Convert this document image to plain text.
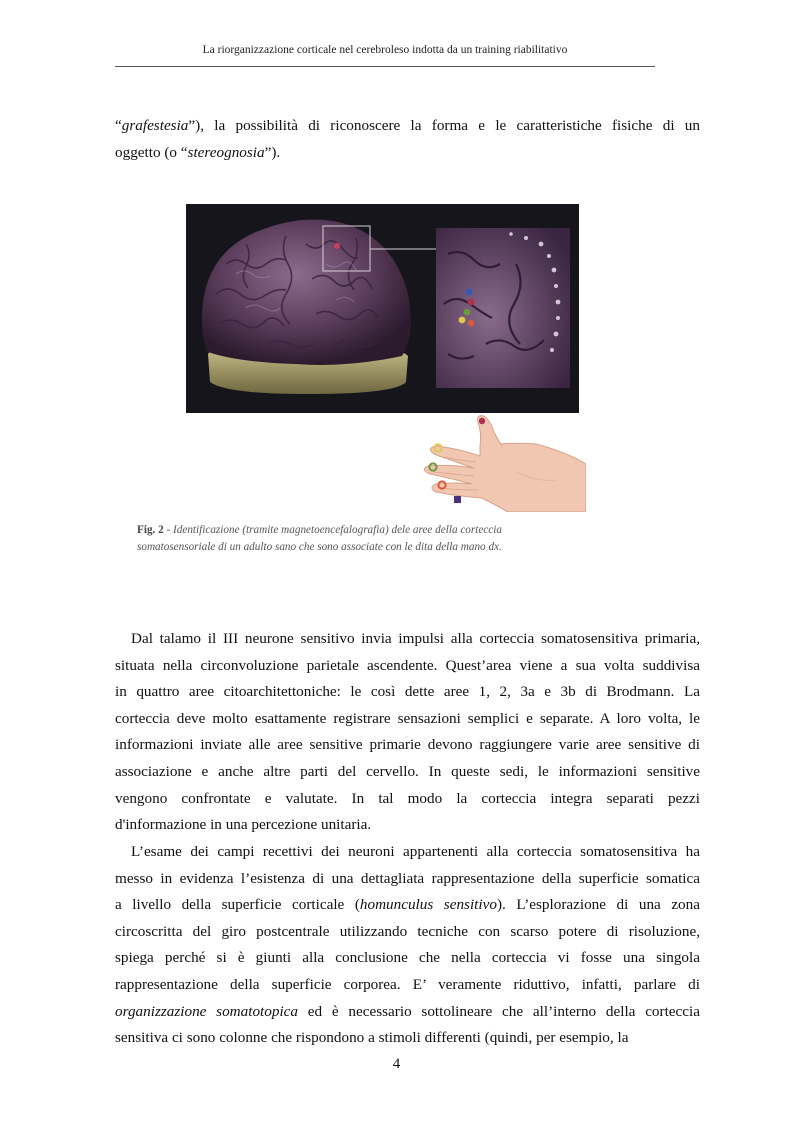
La riorganizzazione corticale nel cerebroleso indotta da un training riabilitativo

“grafestesia”), la possibilità di riconoscere la forma e le caratteristiche fisiche di un
oggetto (o “stereognosia”).

Fig. 2 - Identificazione (tramite magnetoencefalografia) dele aree della corteccia
somatosensoriale di un adulto sano che sono associate con le dita della mano dx.

Dal talamo il III neurone sensitivo invia impulsi alla corteccia somatosensitiva primaria,
situata nella circonvoluzione parietale ascendente. Quest’area viene a sua volta suddivisa
in quattro aree citoarchitettoniche: le così dette aree 1, 2, 3a e 3b di Brodmann. La
corteccia deve molto esattamente registrare sensazioni semplici e separate. A loro volta, le
informazioni inviate alle aree sensitive primarie devono raggiungere varie aree sensitive di
associazione e anche altre parti del cervello. In queste sedi, le informazioni sensitive
vengono confrontate e valutate. In tal modo la corteccia integra separati pezzi
d'informazione in una percezione unitaria.

L’esame dei campi recettivi dei neuroni appartenenti alla corteccia somatosensitiva ha
messo in evidenza l’esistenza di una dettagliata rappresentazione della superficie somatica
a livello della superficie corticale (homunculus sensitivo). L’esplorazione di una zona
circoscritta del giro postcentrale utilizzando tecniche con scarso potere di risoluzione,
spiega perché si è giunti alla conclusione che nella corteccia vi fosse una singola
rappresentazione della superficie corporea. E’ veramente riduttivo, infatti, parlare di
organizzazione somatotopica ed è necessario sottolineare che all’interno della corteccia
sensitiva ci sono colonne che rispondono a stimoli differenti (quindi, per esempio, la

4
